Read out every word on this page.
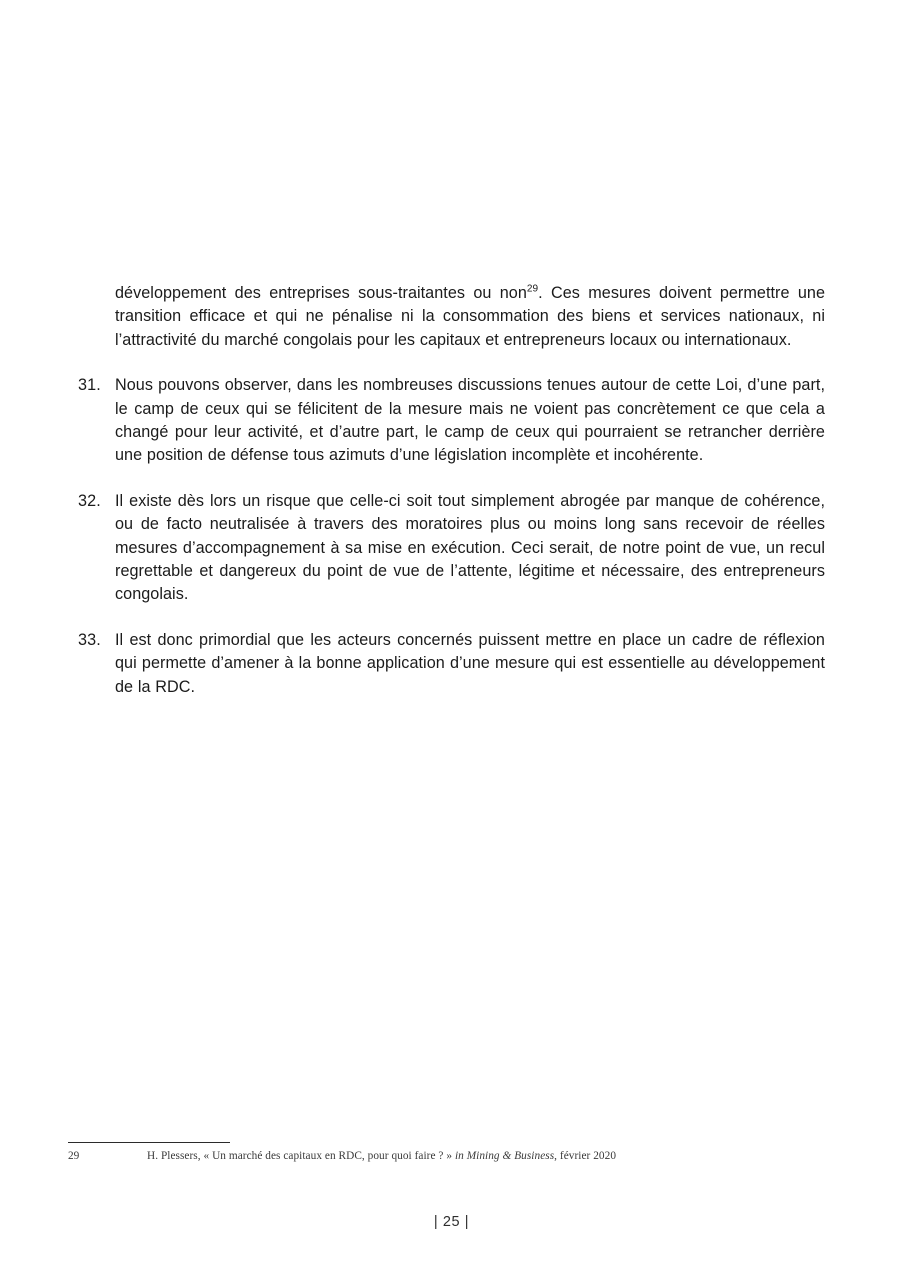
développement des entreprises sous-traitantes ou non$^{29}$. Ces mesures doivent permettre une transition efficace et qui ne pénalise ni la consommation des biens et services nationaux, ni l’attractivité du marché congolais pour les capitaux et entrepreneurs locaux ou internationaux.
31. Nous pouvons observer, dans les nombreuses discussions tenues autour de cette Loi, d’une part, le camp de ceux qui se félicitent de la mesure mais ne voient pas concrètement ce que cela a changé pour leur activité, et d’autre part, le camp de ceux qui pourraient se retrancher derrière une position de défense tous azimuts d’une législation incomplète et incohérente.
32. Il existe dès lors un risque que celle-ci soit tout simplement abrogée par manque de cohérence, ou de facto neutralisée à travers des moratoires plus ou moins long sans recevoir de réelles mesures d’accompagnement à sa mise en exécution. Ceci serait, de notre point de vue, un recul regrettable et dangereux du point de vue de l’attente, légitime et nécessaire, des entrepreneurs congolais.
33. Il est donc primordial que les acteurs concernés puissent mettre en place un cadre de réflexion qui permette d’amener à la bonne application d’une mesure qui est essentielle au développement de la RDC.
29	H. Plessers, « Un marché des capitaux en RDC, pour quoi faire ? » in Mining & Business, février 2020
| 25 |
